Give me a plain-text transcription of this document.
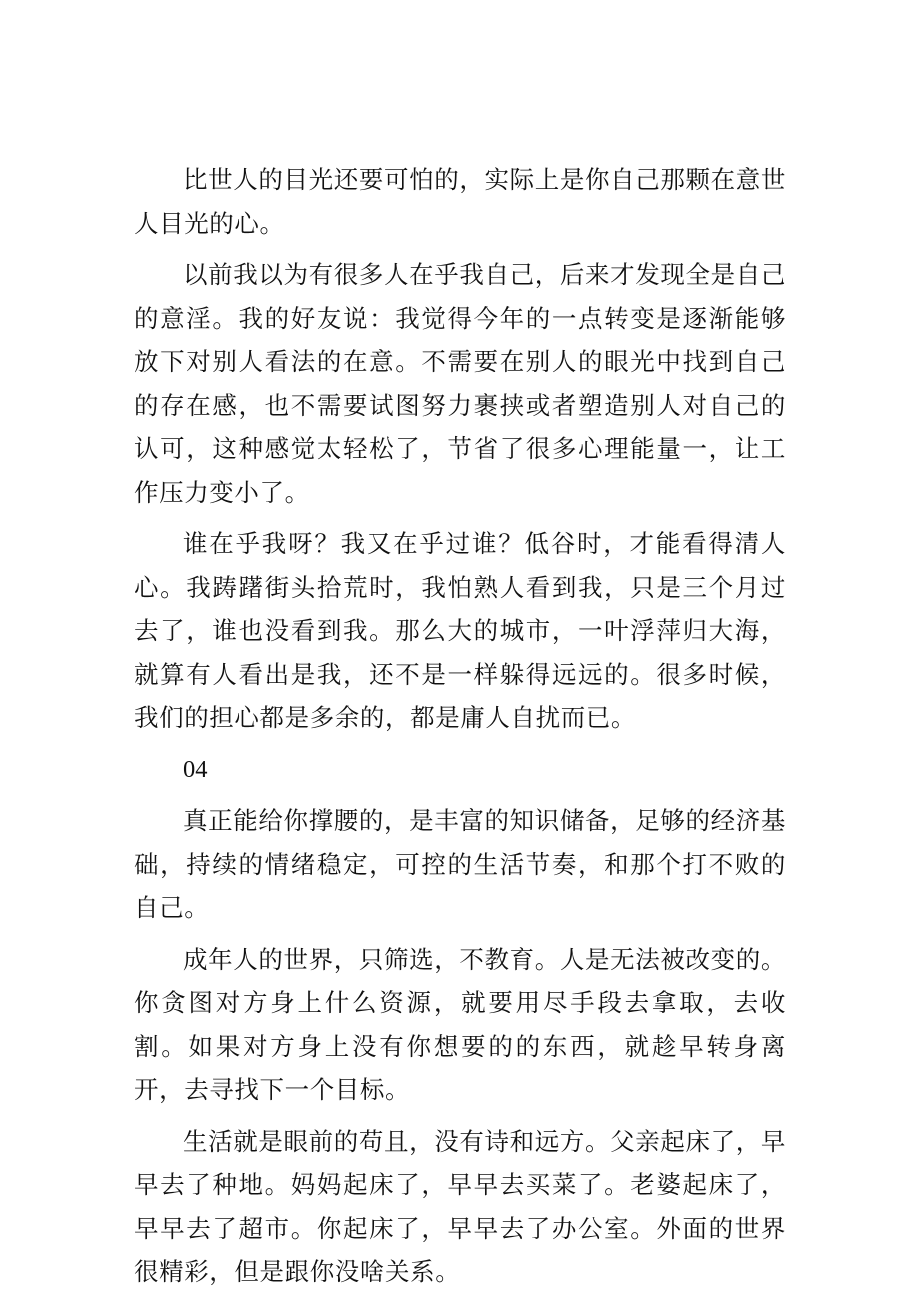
比世人的目光还要可怕的，实际上是你自己那颗在意世人目光的心。

以前我以为有很多人在乎我自己，后来才发现全是自己的意淫。我的好友说：我觉得今年的一点转变是逐渐能够放下对别人看法的在意。不需要在别人的眼光中找到自己的存在感，也不需要试图努力裹挟或者塑造别人对自己的认可，这种感觉太轻松了，节省了很多心理能量一，让工作压力变小了。

谁在乎我呀？我又在乎过谁？低谷时，才能看得清人心。我踌躇街头拾荒时，我怕熟人看到我，只是三个月过去了，谁也没看到我。那么大的城市，一叶浮萍归大海，就算有人看出是我，还不是一样躲得远远的。很多时候，我们的担心都是多余的，都是庸人自扰而已。

04

真正能给你撑腰的，是丰富的知识储备，足够的经济基础，持续的情绪稳定，可控的生活节奏，和那个打不败的自己。

成年人的世界，只筛选，不教育。人是无法被改变的。你贪图对方身上什么资源，就要用尽手段去拿取，去收割。如果对方身上没有你想要的的东西，就趁早转身离开，去寻找下一个目标。

生活就是眼前的苟且，没有诗和远方。父亲起床了，早早去了种地。妈妈起床了，早早去买菜了。老婆起床了，早早去了超市。你起床了，早早去了办公室。外面的世界很精彩，但是跟你没啥关系。
